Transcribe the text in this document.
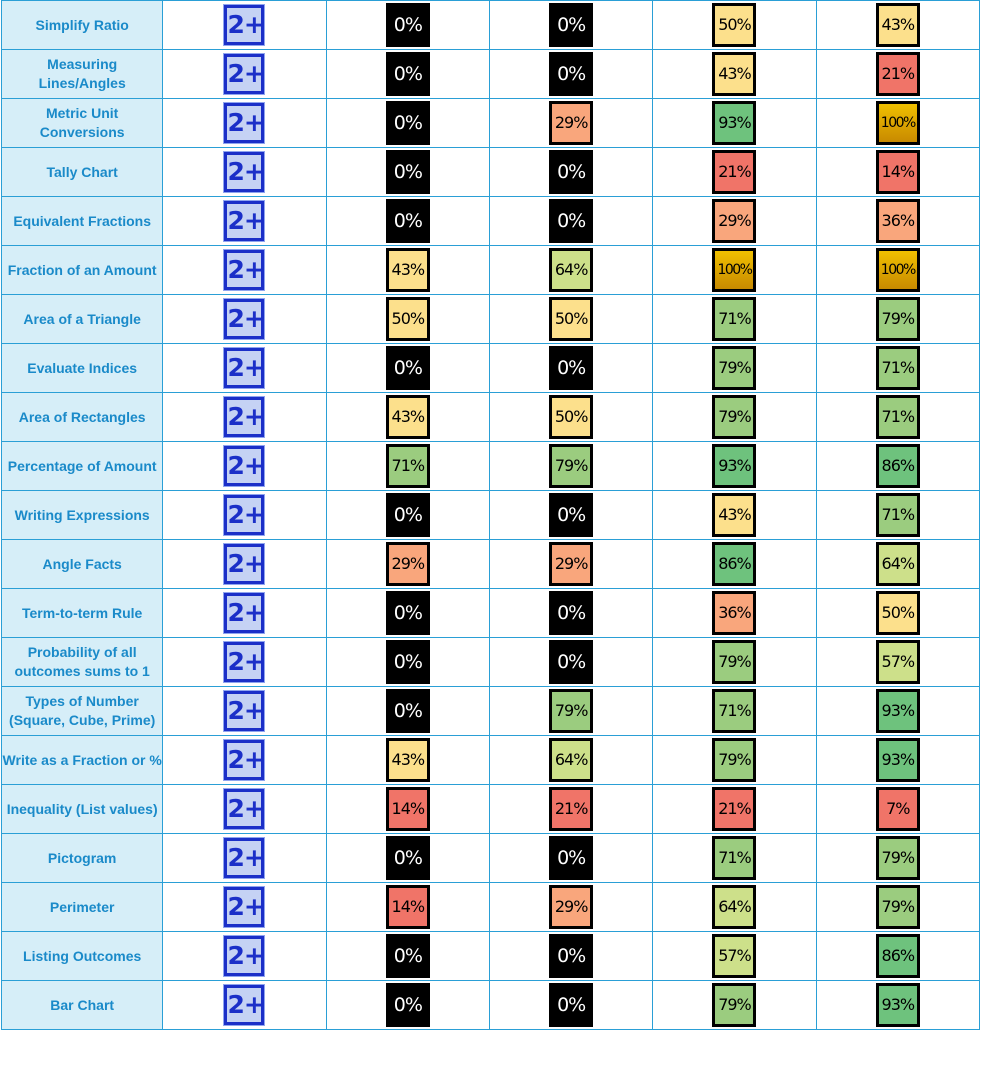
Simplify Ratio	2+	0%	0%	50%	43%
Measuring Lines/Angles	2+	0%	0%	43%	21%
Metric Unit Conversions	2+	0%	29%	93%	100%
Tally Chart	2+	0%	0%	21%	14%
Equivalent Fractions	2+	0%	0%	29%	36%
Fraction of an Amount	2+	43%	64%	100%	100%
Area of a Triangle	2+	50%	50%	71%	79%
Evaluate Indices	2+	0%	0%	79%	71%
Area of Rectangles	2+	43%	50%	79%	71%
Percentage of Amount	2+	71%	79%	93%	86%
Writing Expressions	2+	0%	0%	43%	71%
Angle Facts	2+	29%	29%	86%	64%
Term-to-term Rule	2+	0%	0%	36%	50%
Probability of all outcomes sums to 1	2+	0%	0%	79%	57%
Types of Number (Square, Cube, Prime)	2+	0%	79%	71%	93%
Write as a Fraction or %	2+	43%	64%	79%	93%
Inequality (List values)	2+	14%	21%	21%	7%
Pictogram	2+	0%	0%	71%	79%
Perimeter	2+	14%	29%	64%	79%
Listing Outcomes	2+	0%	0%	57%	86%
Bar Chart	2+	0%	0%	79%	93%
